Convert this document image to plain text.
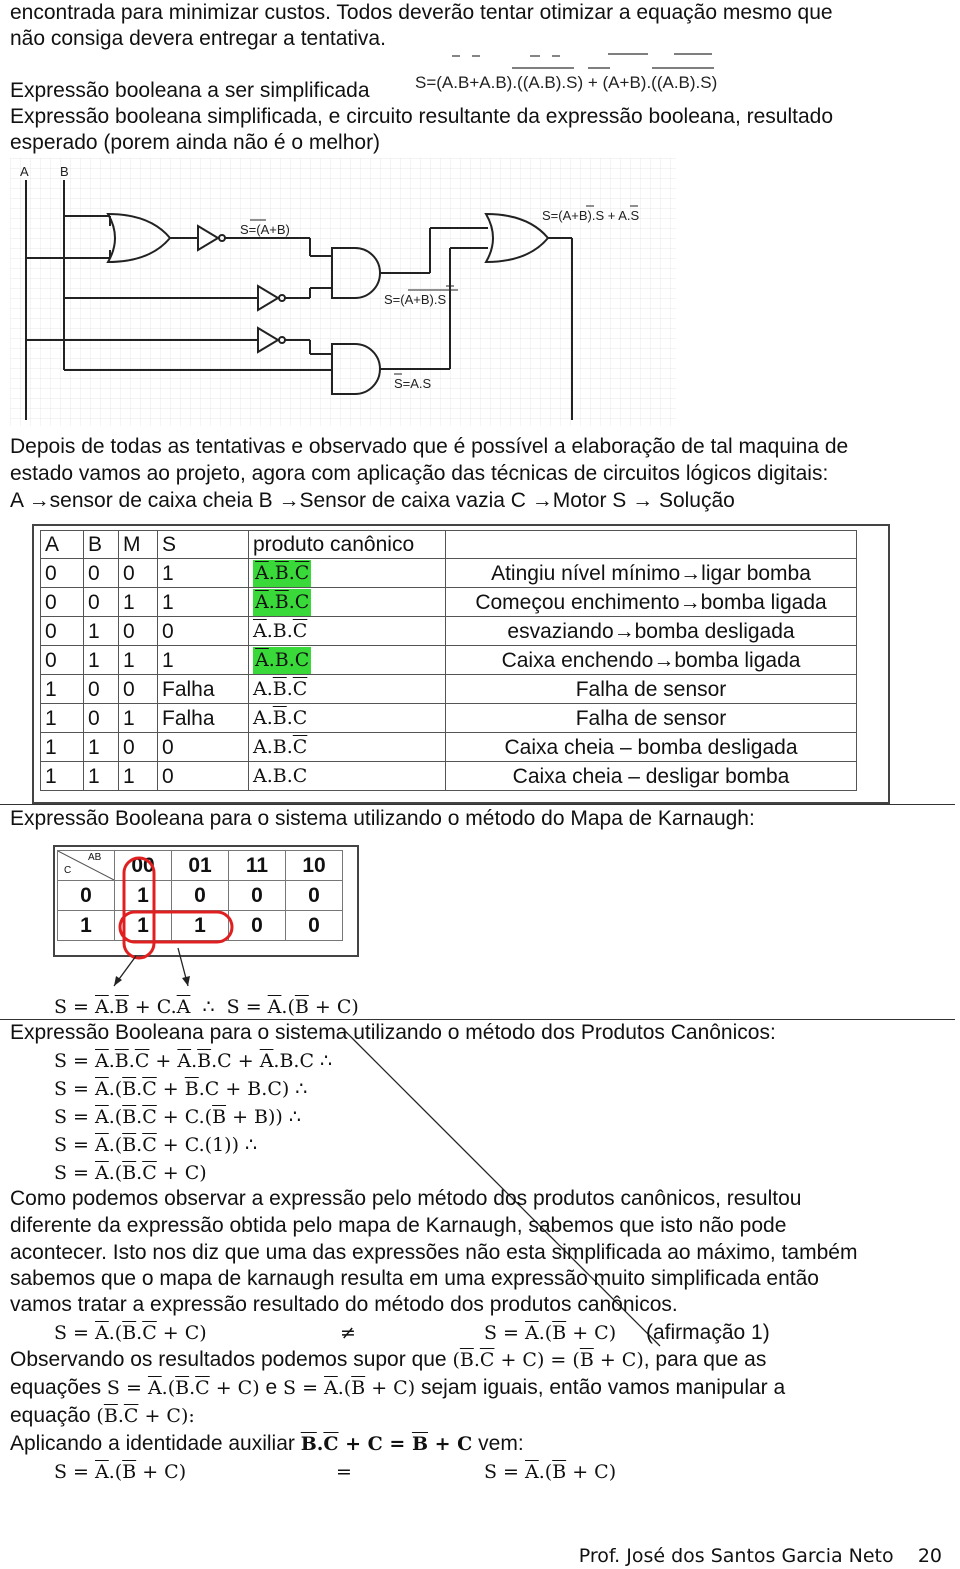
encontrada para minimizar custos. Todos deverão tentar otimizar a equação mesmo que
não consiga devera entregar a tentativa.
Expressão booleana a ser simplificada	S=(A.B+A.B).((A.B).S) + (A+B).((A.B).S)
Expressão booleana simplificada, e circuito resultante da expressão booleana, resultado
esperado (porem ainda não é o melhor)
A B
S=(A+B)
S=(A+B).S
S=A.S
S=(A+B).S + A.S
Depois de todas as tentativas e observado que é possível a elaboração de tal maquina de
estado vamos ao projeto, agora com aplicação das técnicas de circuitos lógicos digitais:
A →sensor de caixa cheia B →Sensor de caixa vazia C →Motor S → Solução
A	B	M	S	produto canônico	
0	0	0	1	$\overline{A}.\overline{B}.\overline{C}$	Atingiu nível mínimo→ligar bomba
0	0	1	1	$\overline{A}.\overline{B}.C$	Começou enchimento→bomba ligada
0	1	0	0	$\overline{A}.B.\overline{C}$	esvaziando→bomba desligada
0	1	1	1	$\overline{A}.B.C$	Caixa enchendo→bomba ligada
1	0	0	Falha	$A.\overline{B}.\overline{C}$	Falha de sensor
1	0	1	Falha	$A.\overline{B}.C$	Falha de sensor
1	1	0	0	$A.B.\overline{C}$	Caixa cheia – bomba desligada
1	1	1	0	A.B.C	Caixa cheia – desligar bomba
Expressão Booleana para o sistema utilizando o método do Mapa de Karnaugh:
AB
C	00	01	11	10
0	1	0	0	0
1	1	1	0	0
$S = \overline{A}.\overline{B} + C.\overline{A}$  ∴  $S = \overline{A}.(\overline{B} + C)$
Expressão Booleana para o sistema utilizando o método dos Produtos Canônicos:
$S = \overline{A}.\overline{B}.\overline{C} + \overline{A}.\overline{B}.C + \overline{A}.B.C$ ∴
$S = \overline{A}.(\overline{B}.\overline{C} + \overline{B}.C + B.C)$ ∴
$S = \overline{A}.(\overline{B}.\overline{C} + C.(\overline{B} + B))$ ∴
$S = \overline{A}.(\overline{B}.\overline{C} + C.(1))$ ∴
$S = \overline{A}.(\overline{B}.\overline{C} + C)$
Como podemos observar a expressão pelo método dos produtos canônicos, resultou
diferente da expressão obtida pelo mapa de Karnaugh, sabemos que isto não pode
acontecer. Isto nos diz que uma das expressões não esta simplificada ao máximo, também
sabemos que o mapa de karnaugh resulta em uma expressão muito simplificada então
vamos tratar a expressão resultado do método dos produtos canônicos.
$S = \overline{A}.(\overline{B}.\overline{C} + C)$	≠	$S = \overline{A}.(\overline{B} + C)$ (afirmação 1)
Observando os resultados podemos supor que $(\overline{B}.\overline{C} + C) = (\overline{B} + C)$, para que as
equações $S = \overline{A}.(\overline{B}.\overline{C} + C)$ e $S = \overline{A}.(\overline{B} + C)$ sejam iguais, então vamos manipular a
equação $(\overline{B}.\overline{C} + C)$:
Aplicando a identidade auxiliar $\overline{B}.\overline{C} + C = \overline{B} + C$ vem:
$S = \overline{A}.(\overline{B} + C)$	=	$S = \overline{A}.(\overline{B} + C)$
Prof. José dos Santos Garcia Neto 20
